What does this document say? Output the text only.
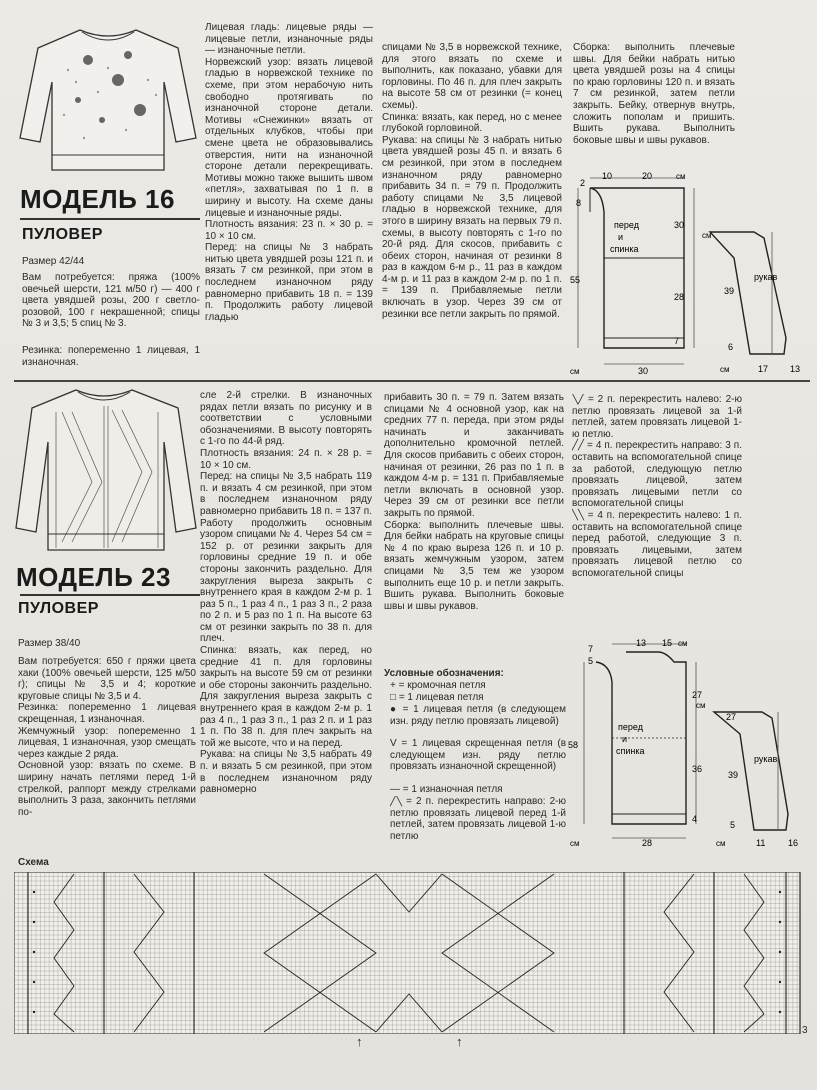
МОДЕЛЬ 16
ПУЛОВЕР
Размер 42/44
Вам потребуется: пряжа (100% овечьей шерсти, 121 м/50 г) — 400 г цвета увядшей розы, 200 г светло-розовой, 100 г некрашенной; спицы № 3 и 3,5; 5 спиц № 3.
Резинка: попеременно 1 лицевая, 1 изнаночная.
Лицевая гладь: лицевые ряды — лицевые петли, изнаночные ряды — изнаночные петли.
Норвежский узор: вязать лицевой гладью в норвежской технике по схеме, при этом нерабочую нить свободно протягивать по изнаночной стороне детали. Мотивы «Снежинки» вязать от отдельных клубков, чтобы при смене цвета не образовывались отверстия, нити на изнаночной стороне детали перекрещивать. Мотивы можно также вышить швом «петля», захватывая по 1 п. в ширину и высоту. На схеме даны лицевые и изнаночные ряды.
Плотность вязания: 23 п. × 30 р. = 10 × 10 см.
Перед: на спицы № 3 набрать нитью цвета увядшей розы 121 п. и вязать 7 см резинкой, при этом в последнем изнаночном ряду равномерно прибавить 18 п. = 139 п. Продолжить работу лицевой гладью
спицами № 3,5 в норвежской технике, для этого вязать по схеме и выполнить, как показано, убавки для горловины. По 46 п. для плеч закрыть на высоте 58 см от резинки (= конец схемы).
Спинка: вязать, как перед, но с менее глубокой горловиной.
Рукава: на спицы № 3 набрать нитью цвета увядшей розы 45 п. и вязать 6 см резинкой, при этом в последнем изнаночном ряду равномерно прибавить 34 п. = 79 п. Продолжить работу спицами № 3,5 лицевой гладью в норвежской технике, для этого в ширину вязать на первых 79 п. схемы, в высоту повторять с 1-го по 20-й ряд. Для скосов, прибавить с обеих сторон, начиная от резинки 8 раз в каждом 6-м р., 11 раз в каждом 4-м р. и 11 раз в каждом 2-м р. по 1 п. = 139 п. Прибавляемые петли включать в узор. Через 39 см от резинки все петли закрыть по прямой.
Сборка: выполнить плечевые швы. Для бейки набрать нитью цвета увядшей розы на 4 спицы по краю горловины 120 п. и вязать 7 см резинкой, затем петли закрыть. Бейку, отвернув внутрь, сложить пополам и пришить. Вшить рукава. Выполнить боковые швы и швы рукавов.
2
10	20	см
8
55
30
28
7
перед
и
спинка
30
см
см
рукав
39
6
17 13
см
МОДЕЛЬ 23
ПУЛОВЕР
Размер 38/40
Вам потребуется: 650 г пряжи цвета хаки (100% овечьей шерсти, 125 м/50 г); спицы № 3,5 и 4; короткие круговые спицы № 3,5 и 4.
Резинка: попеременно 1 лицевая скрещенная, 1 изнаночная.
Жемчужный узор: попеременно 1 лицевая, 1 изнаночная, узор смещать через каждые 2 ряда.
Основной узор: вязать по схеме. В ширину начать петлями перед 1-й стрелкой, раппорт между стрелками выполнить 3 раза, закончить петлями по-
сле 2-й стрелки. В изнаночных рядах петли вязать по рисунку и в соответствии с условными обозначениями. В высоту повторять с 1-го по 44-й ряд.
Плотность вязания: 24 п. × 28 р. = 10 × 10 см.
Перед: на спицы № 3,5 набрать 119 п. и вязать 4 см резинкой, при этом в последнем изнаночном ряду равномерно прибавить 18 п. = 137 п. Работу продолжить основным узором спицами № 4. Через 54 см = 152 р. от резинки закрыть для горловины средние 19 п. и обе стороны закончить раздельно. Для закругления выреза закрыть с внутреннего края в каждом 2-м р. 1 раз 5 п., 1 раз 4 п., 1 раз 3 п., 2 раза по 2 п. и 5 раз по 1 п. На высоте 63 см от резинки закрыть по 38 п. для плеч.
Спинка: вязать, как перед, но средние 41 п. для горловины закрыть на высоте 59 см от резинки и обе стороны закончить раздельно. Для закругления выреза закрыть с внутреннего края в каждом 2-м р. 1 раз 4 п., 1 раз 3 п., 1 раз 2 п. и 1 раз 1 п. По 38 п. для плеч закрыть на той же высоте, что и на перед.
Рукава: на спицы № 3,5 набрать 49 п. и вязать 5 см резинкой, при этом в последнем изнаночном ряду равномерно
прибавить 30 п. = 79 п. Затем вязать спицами № 4 основной узор, как на средних 77 п. переда, при этом ряды начинать и заканчивать дополнительно кромочной петлей. Для скосов прибавить с обеих сторон, начиная от резинки, 26 раз по 1 п. в каждом 4-м р. = 131 п. Прибавляемые петли включать в основной узор. Через 39 см от резинки все петли закрыть по прямой.
Сборка: выполнить плечевые швы. Для бейки набрать на круговые спицы № 4 по краю выреза 126 п. и 10 р. вязать жемчужным узором, затем спицами № 3,5 тем же узором выполнить еще 10 р. и петли закрыть. Вшить рукава. Выполнить боковые швы и швы рукавов.
Условные обозначения:
+ = кромочная петля
□ = 1 лицевая петля
● = 1 лицевая петля (в следующем изн. ряду петлю провязать лицевой)
V = 1 лицевая скрещенная петля (в следующем изн. ряду петлю провязать изнаночной скрещенной)
— = 1 изнаночная петля
╱╲ = 2 п. перекрестить направо: 2-ю петлю провязать лицевой перед 1-й петлей, затем провязать лицевой 1-ю петлю
╲╱ = 2 п. перекрестить налево: 2-ю петлю провязать лицевой за 1-й петлей, затем провязать лицевой 1-ю петлю.
╱╱ = 4 п. перекрестить направо: 3 п. оставить на вспомогательной спице за работой, следующую петлю провязать лицевой, затем провязать лицевыми петли со вспомогательной спицы
╲╲ = 4 п. перекрестить налево: 1 п. оставить на вспомогательной спице перед работой, следующие 3 п. провязать лицевыми, затем провязать лицевой петлю со вспомогательной спицы
7
5
13 15 см
58
27
36
4
перед
и
спинка
28
см
см
рукав
27
39
5
11	16
см
Схема
3
↑	↑
